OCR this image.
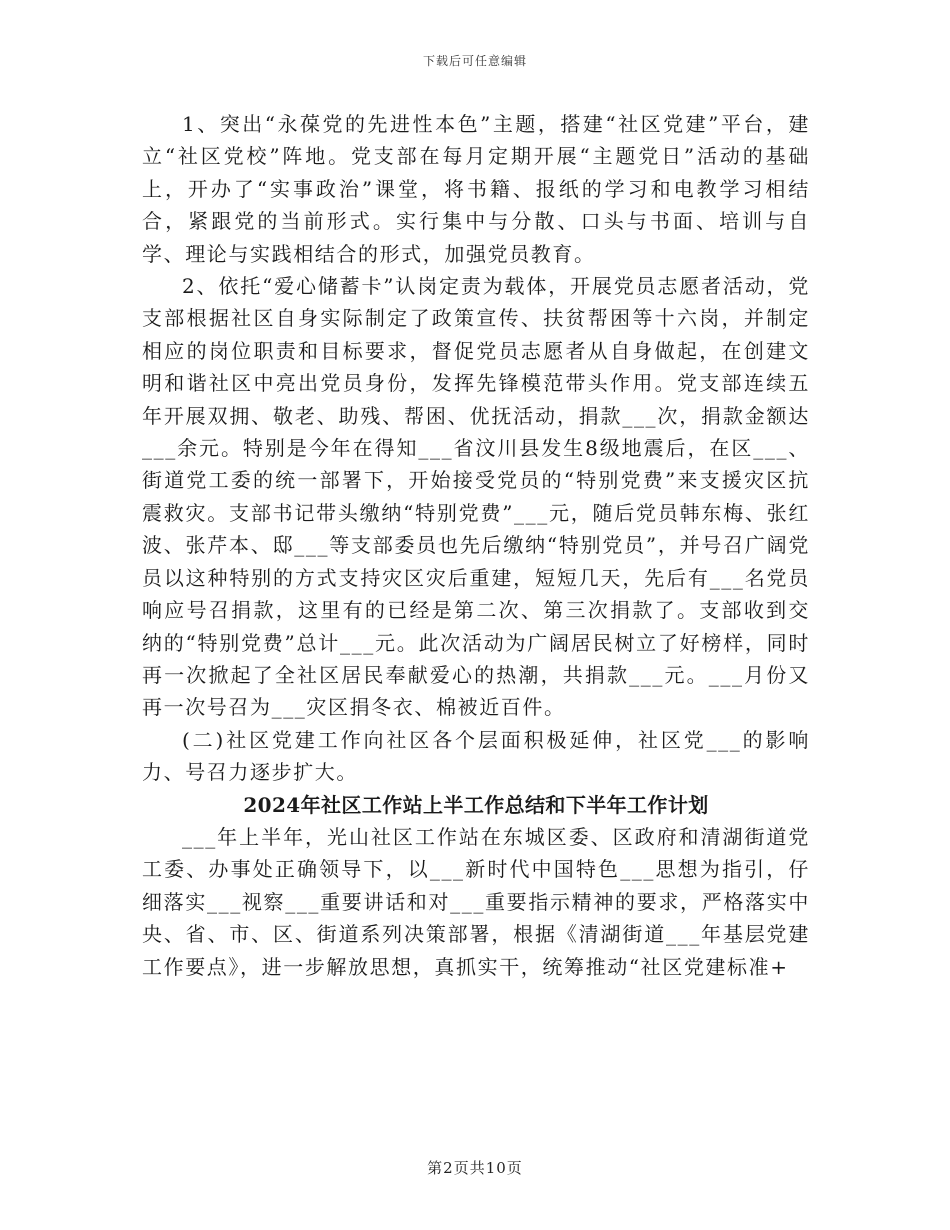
下载后可任意编辑

1、突出“永葆党的先进性本色”主题，搭建“社区党建”平台，建立“社区党校”阵地。党支部在每月定期开展“主题党日”活动的基础上，开办了“实事政治”课堂，将书籍、报纸的学习和电教学习相结合，紧跟党的当前形式。实行集中与分散、口头与书面、培训与自学、理论与实践相结合的形式，加强党员教育。

2、依托“爱心储蓄卡”认岗定责为载体，开展党员志愿者活动，党支部根据社区自身实际制定了政策宣传、扶贫帮困等十六岗，并制定相应的岗位职责和目标要求，督促党员志愿者从自身做起，在创建文明和谐社区中亮出党员身份，发挥先锋模范带头作用。党支部连续五年开展双拥、敬老、助残、帮困、优抚活动，捐款___次，捐款金额达___余元。特别是今年在得知___省汶川县发生8级地震后，在区___、街道党工委的统一部署下，开始接受党员的“特别党费”来支援灾区抗震救灾。支部书记带头缴纳“特别党费”___元，随后党员韩东梅、张红波、张芹本、邸___等支部委员也先后缴纳“特别党员”，并号召广阔党员以这种特别的方式支持灾区灾后重建，短短几天，先后有___名党员响应号召捐款，这里有的已经是第二次、第三次捐款了。支部收到交纳的“特别党费”总计___元。此次活动为广阔居民树立了好榜样，同时再一次掀起了全社区居民奉献爱心的热潮，共捐款___元。___月份又再一次号召为___灾区捐冬衣、棉被近百件。

(二)社区党建工作向社区各个层面积极延伸，社区党___的影响力、号召力逐步扩大。

2024年社区工作站上半工作总结和下半年工作计划

___年上半年，光山社区工作站在东城区委、区政府和清湖街道党工委、办事处正确领导下，以___新时代中国特色___思想为指引，仔细落实___视察___重要讲话和对___重要指示精神的要求，严格落实中央、省、市、区、街道系列决策部署，根据《清湖街道___年基层党建工作要点》，进一步解放思想，真抓实干，统筹推动“社区党建标准+

第2页共10页
